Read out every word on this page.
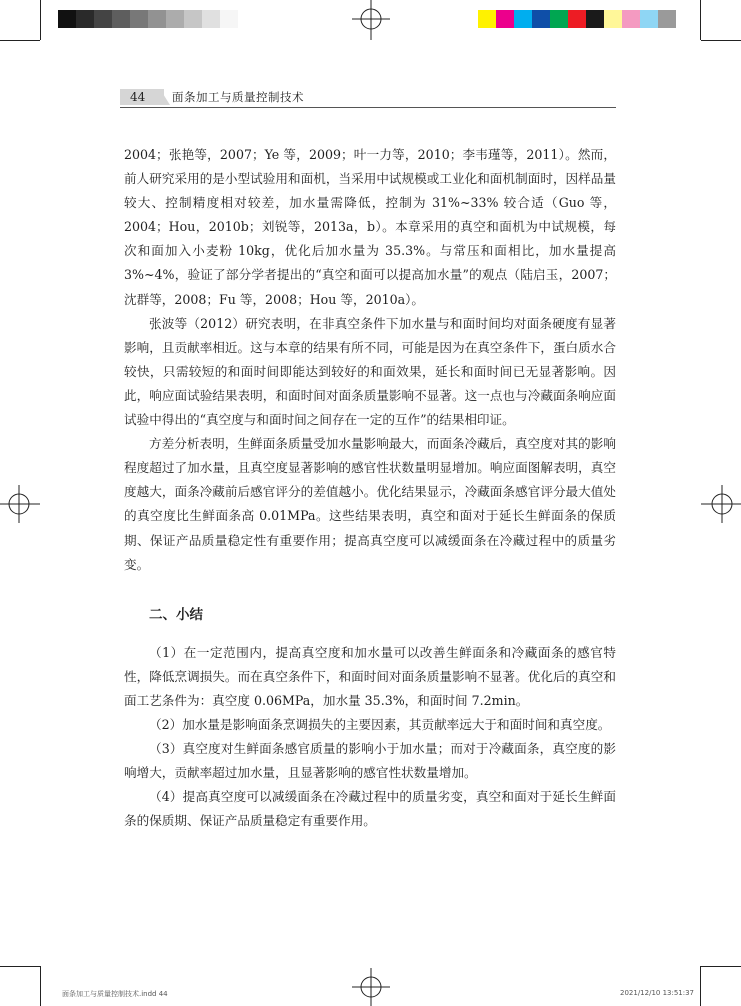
44 面条加工与质量控制技术

2004；张艳等，2007；Ye 等，2009；叶一力等，2010；李韦瑾等，2011）。然而，前人研究采用的是小型试验用和面机，当采用中试规模或工业化和面机制面时，因样品量较大、控制精度相对较差，加水量需降低，控制为 31%~33% 较合适（Guo 等，2004；Hou，2010b；刘锐等，2013a，b）。本章采用的真空和面机为中试规模，每次和面加入小麦粉 10kg，优化后加水量为 35.3%。与常压和面相比，加水量提高 3%~4%，验证了部分学者提出的“真空和面可以提高加水量”的观点（陆启玉，2007；沈群等，2008；Fu 等，2008；Hou 等，2010a）。

张波等（2012）研究表明，在非真空条件下加水量与和面时间均对面条硬度有显著影响，且贡献率相近。这与本章的结果有所不同，可能是因为在真空条件下，蛋白质水合较快，只需较短的和面时间即能达到较好的和面效果，延长和面时间已无显著影响。因此，响应面试验结果表明，和面时间对面条质量影响不显著。这一点也与冷藏面条响应面试验中得出的“真空度与和面时间之间存在一定的互作”的结果相印证。

方差分析表明，生鲜面条质量受加水量影响最大，而面条冷藏后，真空度对其的影响程度超过了加水量，且真空度显著影响的感官性状数量明显增加。响应面图解表明，真空度越大，面条冷藏前后感官评分的差值越小。优化结果显示，冷藏面条感官评分最大值处的真空度比生鲜面条高 0.01MPa。这些结果表明，真空和面对于延长生鲜面条的保质期、保证产品质量稳定性有重要作用；提高真空度可以减缓面条在冷藏过程中的质量劣变。

二、小结

（1）在一定范围内，提高真空度和加水量可以改善生鲜面条和冷藏面条的感官特性，降低烹调损失。而在真空条件下，和面时间对面条质量影响不显著。优化后的真空和面工艺条件为：真空度 0.06MPa，加水量 35.3%，和面时间 7.2min。

（2）加水量是影响面条烹调损失的主要因素，其贡献率远大于和面时间和真空度。

（3）真空度对生鲜面条感官质量的影响小于加水量；而对于冷藏面条，真空度的影响增大，贡献率超过加水量，且显著影响的感官性状数量增加。

（4）提高真空度可以减缓面条在冷藏过程中的质量劣变，真空和面对于延长生鲜面条的保质期、保证产品质量稳定有重要作用。

面条加工与质量控制技术.indd 44	2021/12/10 13:51:37
